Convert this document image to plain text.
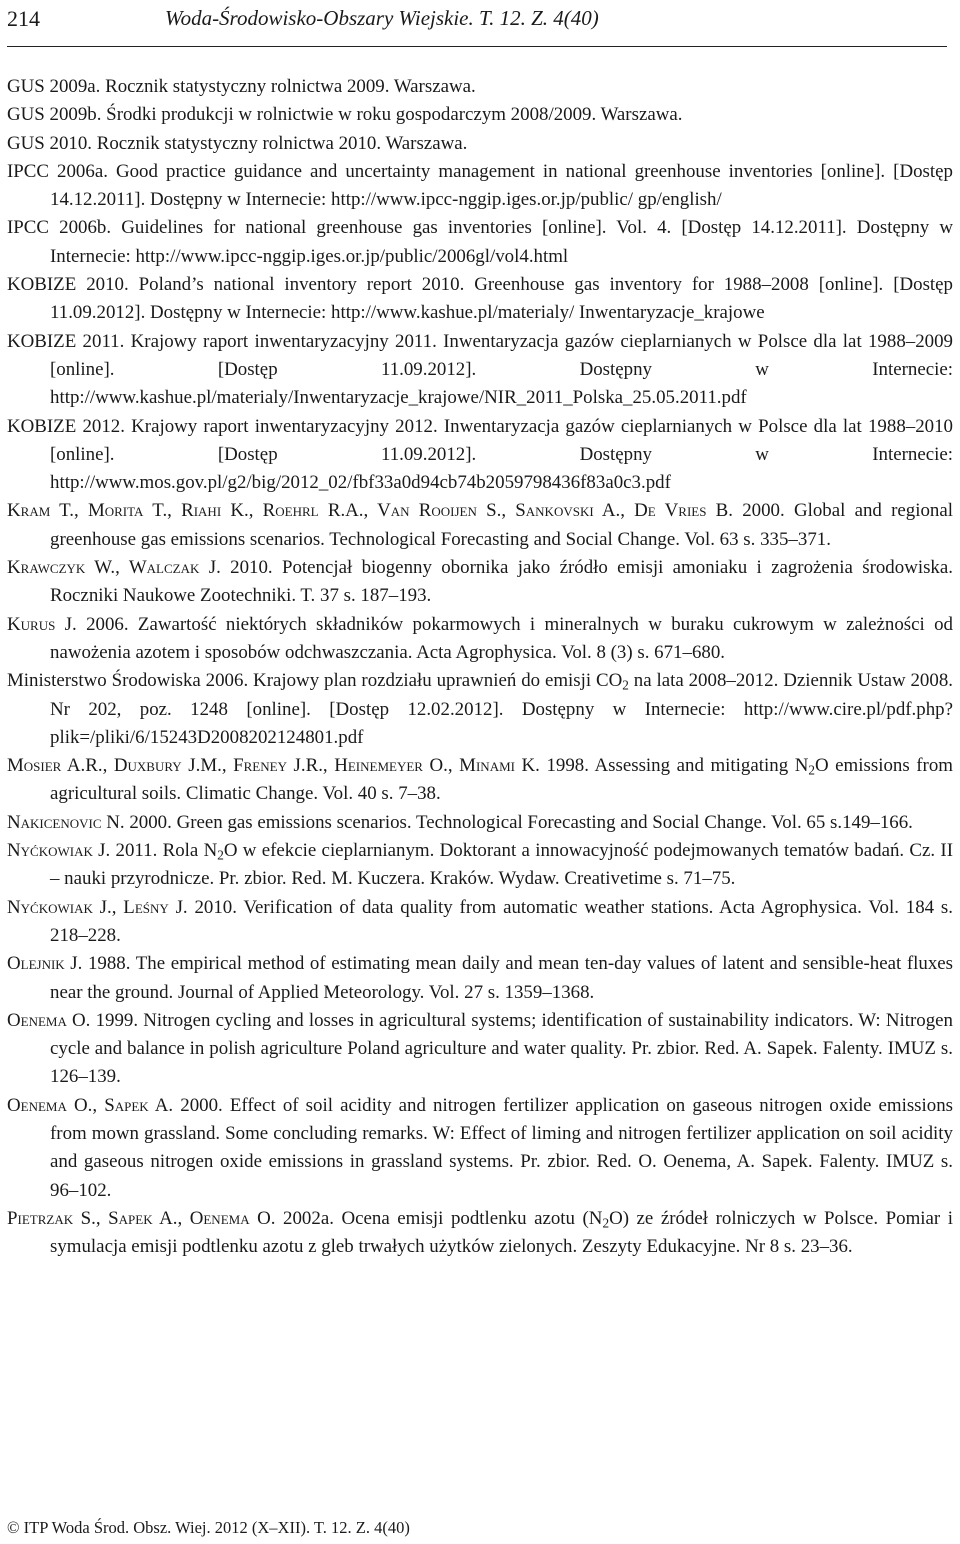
214	Woda-Środowisko-Obszary Wiejskie. T. 12. Z. 4(40)

GUS 2009a. Rocznik statystyczny rolnictwa 2009. Warszawa.

GUS 2009b. Środki produkcji w rolnictwie w roku gospodarczym 2008/2009. Warszawa.

GUS 2010. Rocznik statystyczny rolnictwa 2010. Warszawa.

IPCC 2006a. Good practice guidance and uncertainty management in national greenhouse inventories [online]. [Dostęp 14.12.2011]. Dostępny w Internecie: http://www.ipcc-nggip.iges.or.jp/public/ gp/english/

IPCC 2006b. Guidelines for national greenhouse gas inventories [online]. Vol. 4. [Dostęp 14.12.2011]. Dostępny w Internecie: http://www.ipcc-nggip.iges.or.jp/public/2006gl/vol4.html

KOBIZE 2010. Poland’s national inventory report 2010. Greenhouse gas inventory for 1988–2008 [online]. [Dostęp 11.09.2012]. Dostępny w Internecie: http://www.kashue.pl/materialy/ Inwentaryzacje_krajowe

KOBIZE 2011. Krajowy raport inwentaryzacyjny 2011. Inwentaryzacja gazów cieplarnianych w Polsce dla lat 1988–2009 [online]. [Dostęp 11.09.2012]. Dostępny w Internecie: http://www.kashue.pl/materialy/Inwentaryzacje_krajowe/NIR_2011_Polska_25.05.2011.pdf

KOBIZE 2012. Krajowy raport inwentaryzacyjny 2012. Inwentaryzacja gazów cieplarnianych w Polsce dla lat 1988–2010 [online]. [Dostęp 11.09.2012]. Dostępny w Internecie: http://www.mos.gov.pl/g2/big/2012_02/fbf33a0d94cb74b2059798436f83a0c3.pdf

Kram T., Morita T., Riahi K., Roehrl R.A., Van Rooijen S., Sankovski A., De Vries B. 2000. Global and regional greenhouse gas emissions scenarios. Technological Forecasting and Social Change. Vol. 63 s. 335–371.

Krawczyk W., Walczak J. 2010. Potencjał biogenny obornika jako źródło emisji amoniaku i zagrożenia środowiska. Roczniki Naukowe Zootechniki. T. 37 s. 187–193.

Kurus J. 2006. Zawartość niektórych składników pokarmowych i mineralnych w buraku cukrowym w zależności od nawożenia azotem i sposobów odchwaszczania. Acta Agrophysica. Vol. 8 (3) s. 671–680.

Ministerstwo Środowiska 2006. Krajowy plan rozdziału uprawnień do emisji $CO_2$ na lata 2008–2012. Dziennik Ustaw 2008. Nr 202, poz. 1248 [online]. [Dostęp 12.02.2012]. Dostępny w Internecie: http://www.cire.pl/pdf.php?plik=/pliki/6/15243D2008202124801.pdf

Mosier A.R., Duxbury J.M., Freney J.R., Heinemeyer O., Minami K. 1998. Assessing and mitigating $N_2O$ emissions from agricultural soils. Climatic Change. Vol. 40 s. 7–38.

Nakicenovic N. 2000. Green gas emissions scenarios. Technological Forecasting and Social Change. Vol. 65 s.149–166.

Nyćkowiak J. 2011. Rola $N_2O$ w efekcie cieplarnianym. Doktorant a innowacyjność podejmowanych tematów badań. Cz. II – nauki przyrodnicze. Pr. zbior. Red. M. Kuczera. Kraków. Wydaw. Creativetime s. 71–75.

Nyćkowiak J., Leśny J. 2010. Verification of data quality from automatic weather stations. Acta Agrophysica. Vol. 184 s. 218–228.

Olejnik J. 1988. The empirical method of estimating mean daily and mean ten-day values of latent and sensible-heat fluxes near the ground. Journal of Applied Meteorology. Vol. 27 s. 1359–1368.

Oenema O. 1999. Nitrogen cycling and losses in agricultural systems; identification of sustainability indicators. W: Nitrogen cycle and balance in polish agriculture Poland agriculture and water quality. Pr. zbior. Red. A. Sapek. Falenty. IMUZ s. 126–139.

Oenema O., Sapek A. 2000. Effect of soil acidity and nitrogen fertilizer application on gaseous nitrogen oxide emissions from mown grassland. Some concluding remarks. W: Effect of liming and nitrogen fertilizer application on soil acidity and gaseous nitrogen oxide emissions in grassland systems. Pr. zbior. Red. O. Oenema, A. Sapek. Falenty. IMUZ s. 96–102.

Pietrzak S., Sapek A., Oenema O. 2002a. Ocena emisji podtlenku azotu $(N_2O)$ ze źródeł rolniczych w Polsce. Pomiar i symulacja emisji podtlenku azotu z gleb trwałych użytków zielonych. Zeszyty Edukacyjne. Nr 8 s. 23–36.

© ITP Woda Środ. Obsz. Wiej. 2012 (X–XII). T. 12. Z. 4(40)
